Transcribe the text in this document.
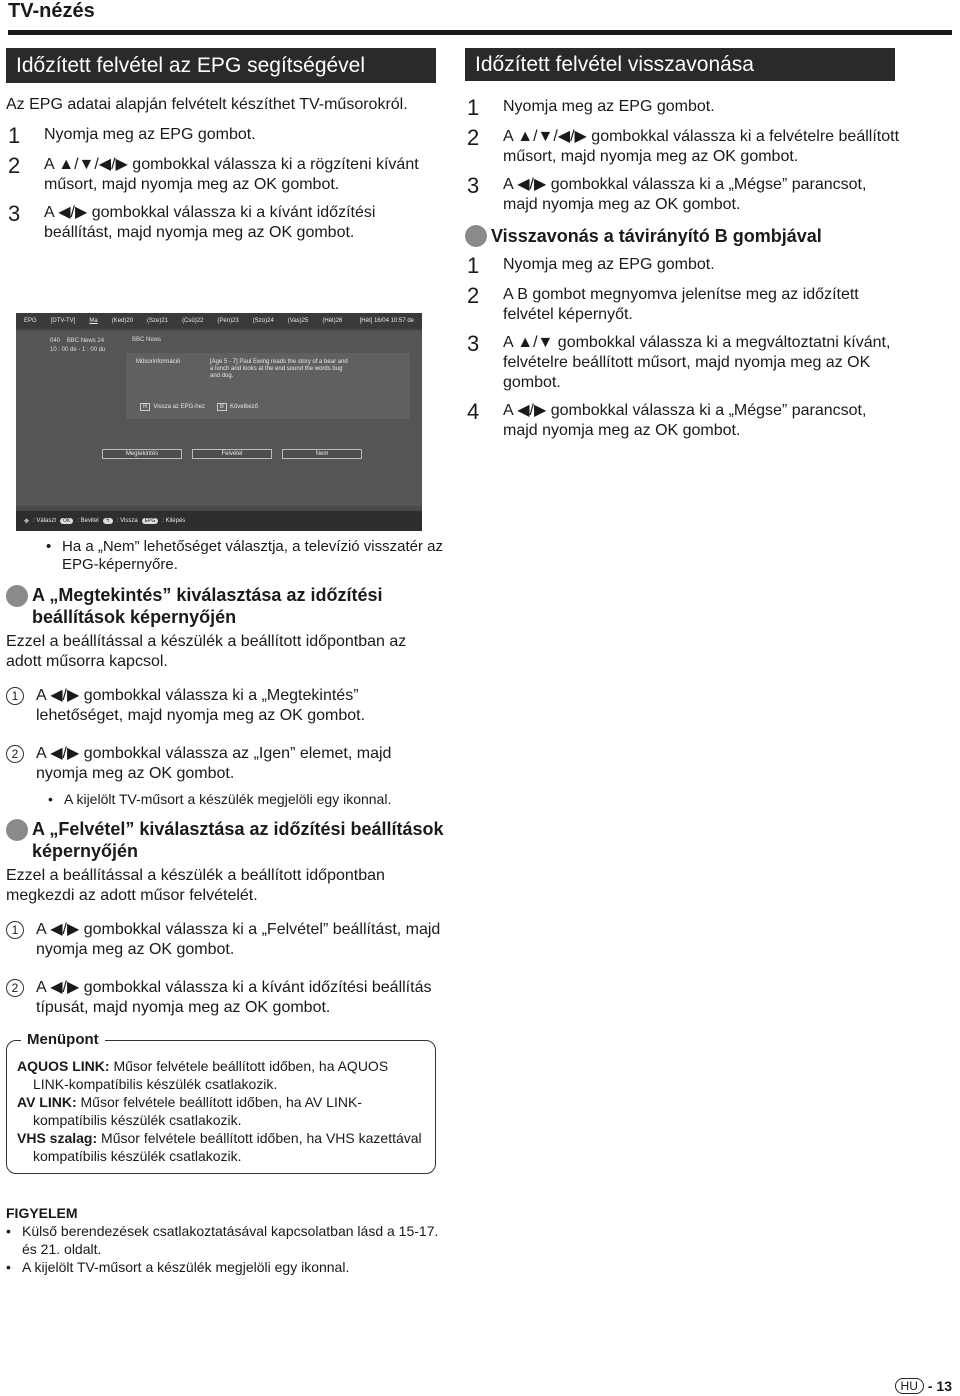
TV-nézés
Időzített felvétel az EPG segítségével
Az EPG adatai alapján felvételt készíthet TV-műsorokról.
1	Nyomja meg az EPG gombot.
2	A ▲/▼/◀/▶ gombokkal válassza ki a rögzíteni kívánt műsort, majd nyomja meg az OK gombot.
3	A ◀/▶ gombokkal válassza ki a kívánt időzítési beállítást, majd nyomja meg az OK gombot.
EPG [DTV-TV] Ma (Ked)20 (Sze)21 (Csü)22 (Pén)23 (Szo)24 (Vas)25 (Hét)26	[Hét] 16/04 10:57 de
040 BBC News 24
10 : 00 de - 1 : 00 du
BBC News
Műsorinformáció	[Age 5 - 7] Paul Ewing reads the story of a bear and a lunch and looks at the end sound the words bug and dog.
R Vissza az EPG-hez	B Következő
Megtekintés	Felvétel	Nem
✥ : Választ	OK	: Bevitel	↰	: Vissza	EPG	: Kilépés
Időzített felvétel visszavonása
1	Nyomja meg az EPG gombot.
2	A ▲/▼/◀/▶ gombokkal válassza ki a felvételre beállított műsort, majd nyomja meg az OK gombot.
3	A ◀/▶ gombokkal válassza ki a „Mégse” parancsot, majd nyomja meg az OK gombot.
Visszavonás a távirányító B gombjával
1	Nyomja meg az EPG gombot.
2	A B gombot megnyomva jelenítse meg az időzített felvétel képernyőt.
3	A ▲/▼ gombokkal válassza ki a megváltoztatni kívánt, felvételre beállított műsort, majd nyomja meg az OK gombot.
4	A ◀/▶ gombokkal válassza ki a „Mégse” parancsot, majd nyomja meg az OK gombot.
• Ha a „Nem” lehetőséget választja, a televízió visszatér az EPG-képernyőre.
A „Megtekintés” kiválasztása az időzítési beállítások képernyőjén
Ezzel a beállítással a készülék a beállított időpontban az adott műsorra kapcsol.
1	A ◀/▶ gombokkal válassza ki a „Megtekintés” lehetőséget, majd nyomja meg az OK gombot.
2	A ◀/▶ gombokkal válassza az „Igen” elemet, majd nyomja meg az OK gombot.
• A kijelölt TV-műsort a készülék megjelöli egy ikonnal.
A „Felvétel” kiválasztása az időzítési beállítások képernyőjén
Ezzel a beállítással a készülék a beállított időpontban megkezdi az adott műsor felvételét.
1	A ◀/▶ gombokkal válassza ki a „Felvétel” beállítást, majd nyomja meg az OK gombot.
2	A ◀/▶ gombokkal válassza ki a kívánt időzítési beállítás típusát, majd nyomja meg az OK gombot.
Menüpont
AQUOS LINK: Műsor felvétele beállított időben, ha AQUOS LINK-kompatíbilis készülék csatlakozik.
AV LINK: Műsor felvétele beállított időben, ha AV LINK-kompatíbilis készülék csatlakozik.
VHS szalag: Műsor felvétele beállított időben, ha VHS kazettával kompatíbilis készülék csatlakozik.
FIGYELEM
• Külső berendezések csatlakoztatásával kapcsolatban lásd a 15-17. és 21. oldalt.
• A kijelölt TV-műsort a készülék megjelöli egy ikonnal.
HU - 13
